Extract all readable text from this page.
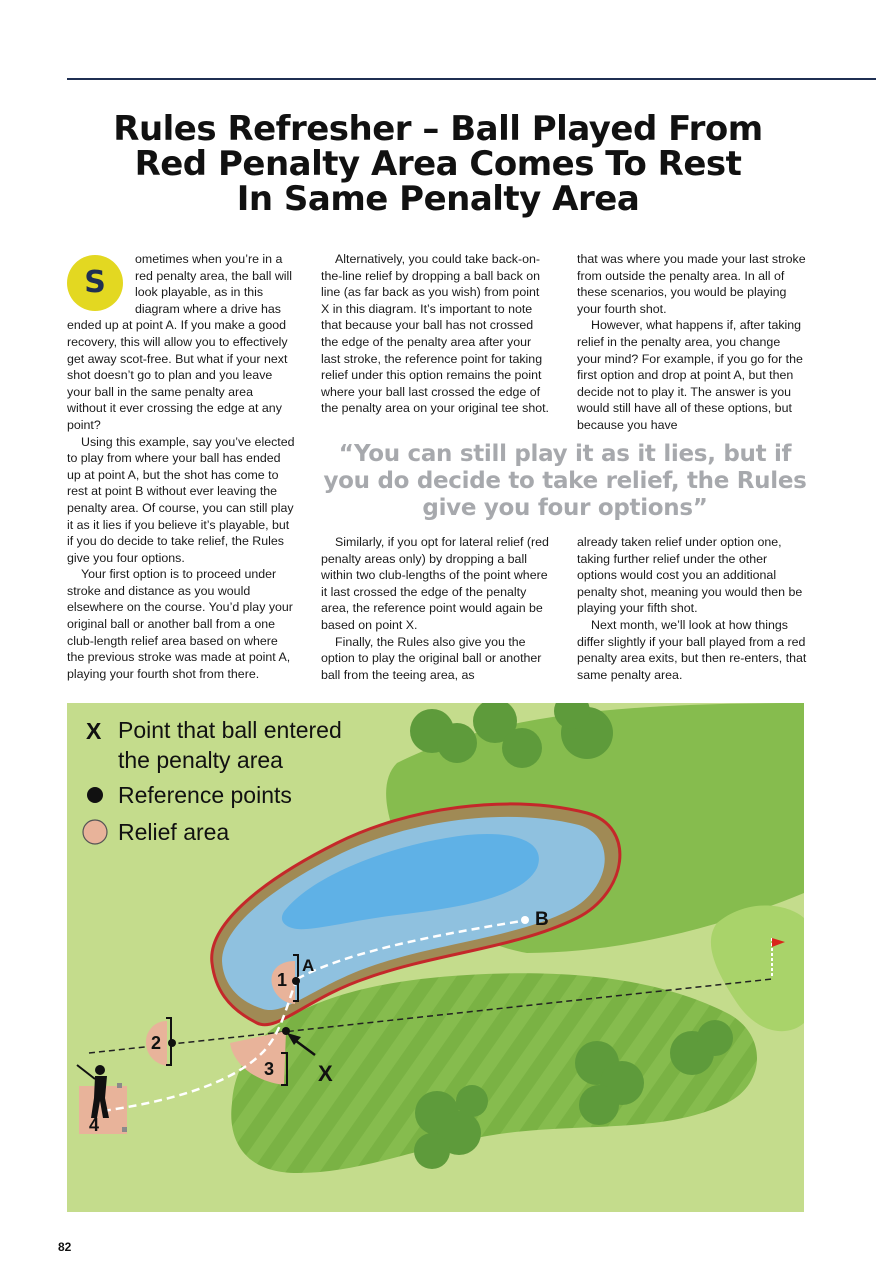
Rules Refresher – Ball Played From
Red Penalty Area Comes To Rest
In Same Penalty Area

S
ometimes when you’re in a red penalty area, the ball will look playable, as in this diagram where a drive has ended up at point A. If you make a good recovery, this will allow you to effectively get away scot-free. But what if your next shot doesn’t go to plan and you leave your ball in the same penalty area without it ever crossing the edge at any point?

Using this example, say you’ve elected to play from where your ball has ended up at point A, but the shot has come to rest at point B without ever leaving the penalty area. Of course, you can still play it as it lies if you believe it’s playable, but if you do decide to take relief, the Rules give you four options.

Your first option is to proceed under stroke and distance as you would elsewhere on the course. You’d play your original ball or another ball from a one club-length relief area based on where the previous stroke was made at point A, playing your fourth shot from there.

Alternatively, you could take back-on-the-line relief by dropping a ball back on line (as far back as you wish) from point X in this diagram. It’s important to note that because your ball has not crossed the edge of the penalty area after your last stroke, the reference point for taking relief under this option remains the point where your ball last crossed the edge of the penalty area on your original tee shot.

that was where you made your last stroke from outside the penalty area. In all of these scenarios, you would be playing your fourth shot.

However, what happens if, after taking relief in the penalty area, you change your mind? For example, if you go for the first option and drop at point A, but then decide not to play it. The answer is you would still have all of these options, but because you have

“You can still play it as it lies, but if
you do decide to take relief, the Rules
give you four options”

Similarly, if you opt for lateral relief (red penalty areas only) by dropping a ball within two club-lengths of the point where it last crossed the edge of the penalty area, the reference point would again be based on point X.

Finally, the Rules also give you the option to play the original ball or another ball from the teeing area, as

already taken relief under option one, taking further relief under the other options would cost you an additional penalty shot, meaning you would then be playing your fifth shot.

Next month, we’ll look at how things differ slightly if your ball played from a red penalty area exits, but then re-enters, that same penalty area.

A
B
X
1
2
3
4
X Point that ball entered
the penalty area
Reference points
Relief area
82
